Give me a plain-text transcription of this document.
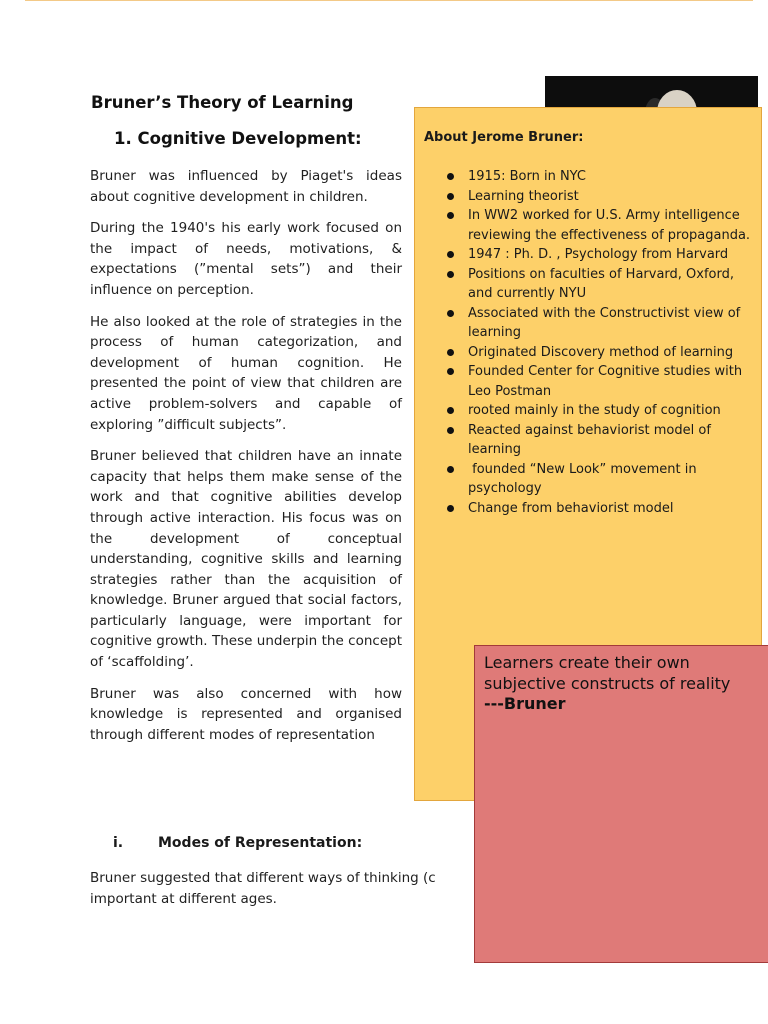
Bruner’s Theory of Learning
1. Cognitive Development:

Bruner was influenced by Piaget's ideas about cognitive development in children.

During the 1940's his early work focused on the impact of needs, motivations, & expectations (”mental sets”) and their influence on perception.

He also looked at the role of strategies in the process of human categorization, and development of human cognition. He presented the point of view that children are active problem-solvers and capable of exploring ”difficult subjects”.

Bruner believed that children have an innate capacity that helps them make sense of the work and that cognitive abilities develop through active interaction. His focus was on the development of conceptual understanding, cognitive skills and learning strategies rather than the acquisition of knowledge. Bruner argued that social factors, particularly language, were important for cognitive growth. These underpin the concept of ‘scaffolding’.

Bruner was also concerned with how knowledge is represented and organised through different modes of representation

About Jerome Bruner:
1915: Born in NYC
Learning theorist
In WW2 worked for U.S. Army intelligence reviewing the effectiveness of propaganda.
1947 : Ph. D. , Psychology from Harvard
Positions on faculties of Harvard, Oxford, and currently NYU
Associated with the Constructivist view of learning
Originated Discovery method of learning
Founded Center for Cognitive studies with Leo Postman
rooted mainly in the study of cognition
Reacted against behaviorist model of learning
founded “New Look” movement in psychology
Change from behaviorist model

Learners create their own subjective constructs of reality
---Bruner

i. Modes of Representation:

Bruner suggested that different ways of thinking (c important at different ages.
